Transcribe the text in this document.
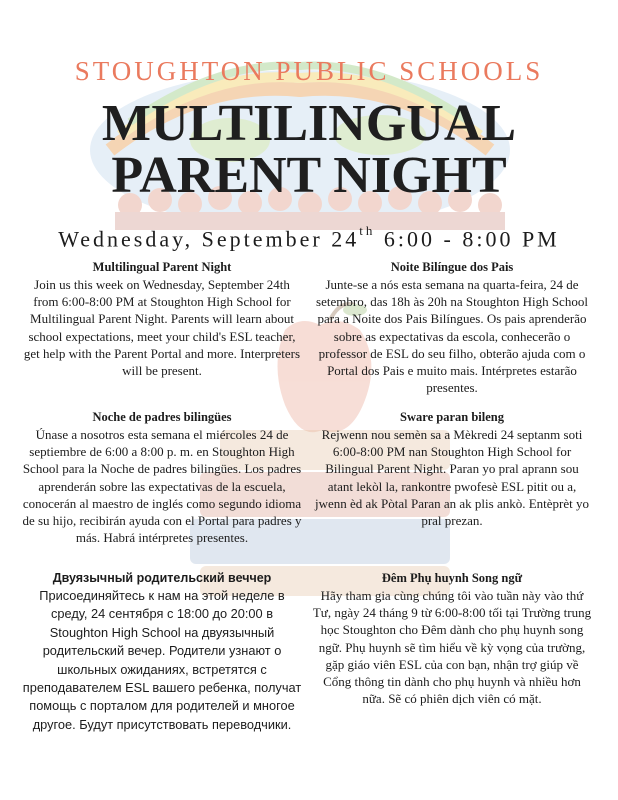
STOUGHTON PUBLIC SCHOOLS
MULTILINGUAL
PARENT NIGHT
Wednesday, September 24th 6:00 - 8:00 PM
Multilingual Parent Night

Join us this week on Wednesday, September 24th from 6:00-8:00 PM at Stoughton High School for Multilingual Parent Night. Parents will learn about school expectations, meet your child's ESL teacher, get help with the Parent Portal and more. Interpreters will be present.

Noite Bilíngue dos Pais

Junte-se a nós esta semana na quarta-feira, 24 de setembro, das 18h às 20h na Stoughton High School para a Noite dos Pais Bilíngues. Os pais aprenderão sobre as expectativas da escola, conhecerão o professor de ESL do seu filho, obterão ajuda com o Portal dos Pais e muito mais. Intérpretes estarão presentes.

Noche de padres bilingües

Únase a nosotros esta semana el miércoles 24 de septiembre de 6:00 a 8:00 p. m. en Stoughton High School para la Noche de padres bilingües. Los padres aprenderán sobre las expectativas de la escuela, conocerán al maestro de inglés como segundo idioma de su hijo, recibirán ayuda con el Portal para padres y más. Habrá intérpretes presentes.

Sware paran bileng

Rejwenn nou semèn sa a Mèkredi 24 septanm soti 6:00-8:00 PM nan Stoughton High School for Bilingual Parent Night. Paran yo pral aprann sou atant lekòl la, rankontre pwofesè ESL pitit ou a, jwenn èd ak Pòtal Paran an ak plis ankò. Entèprèt yo pral prezan.

Двуязычный родительский веччер

Присоединяйтесь к нам на этой неделе в среду, 24 сентября с 18:00 до 20:00 в Stoughton High School на двуязычный родительский вечер. Родители узнают о школьных ожиданиях, встретятся с преподавателем ESL вашего ребенка, получат помощь с порталом для родителей и многое другое. Будут присутствовать переводчики.

Đêm Phụ huynh Song ngữ

Hãy tham gia cùng chúng tôi vào tuần này vào thứ Tư, ngày 24 tháng 9 từ 6:00-8:00 tối tại Trường trung học Stoughton cho Đêm dành cho phụ huynh song ngữ. Phụ huynh sẽ tìm hiểu về kỳ vọng của trường, gặp giáo viên ESL của con bạn, nhận trợ giúp về Cổng thông tin dành cho phụ huynh và nhiều hơn nữa. Sẽ có phiên dịch viên có mặt.
